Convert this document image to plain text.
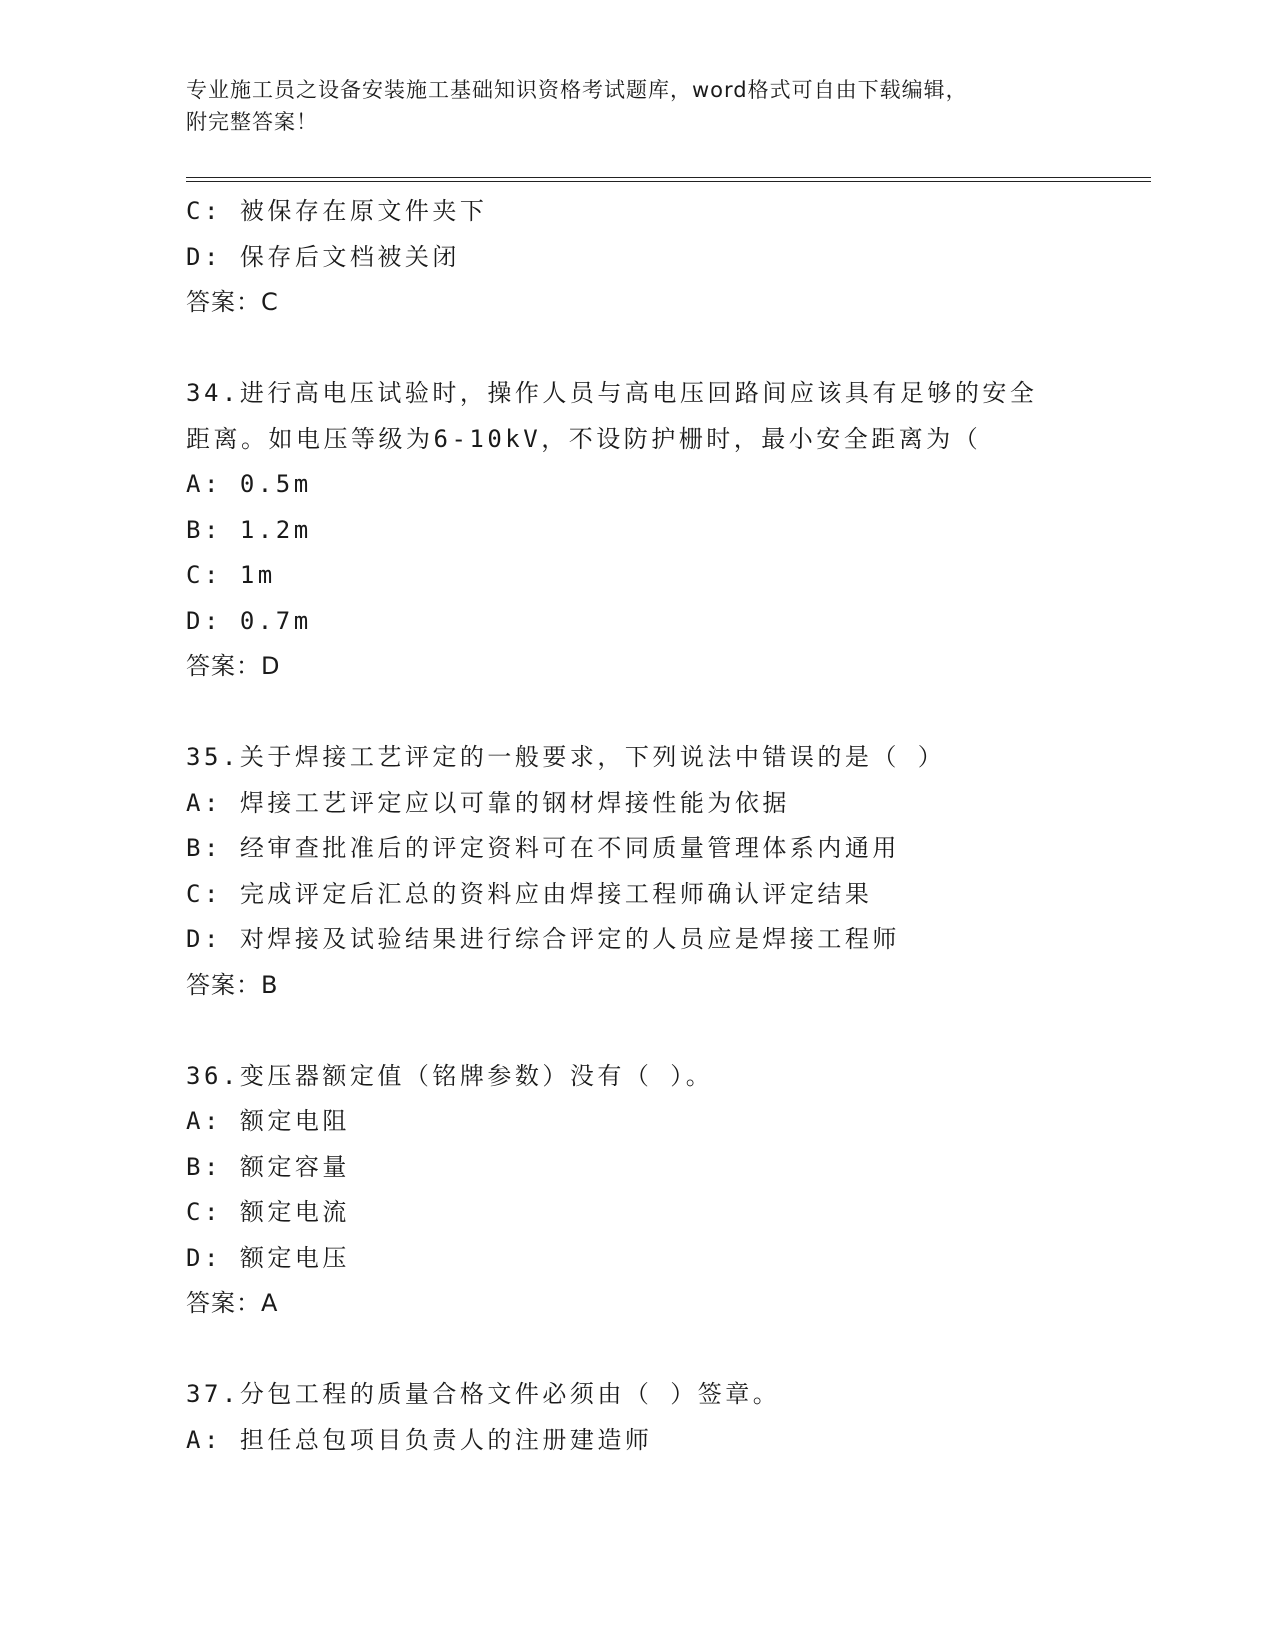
专业施工员之设备安装施工基础知识资格考试题库，word格式可自由下载编辑，
附完整答案！
C: 被保存在原文件夹下
D: 保存后文档被关闭
答案：C
34.进行高电压试验时，操作人员与高电压回路间应该具有足够的安全
距离。如电压等级为6-10kV，不设防护栅时，最小安全距离为（
A: 0.5m
B: 1.2m
C: 1m
D: 0.7m
答案：D
35.关于焊接工艺评定的一般要求，下列说法中错误的是（ ）
A: 焊接工艺评定应以可靠的钢材焊接性能为依据
B: 经审查批准后的评定资料可在不同质量管理体系内通用
C: 完成评定后汇总的资料应由焊接工程师确认评定结果
D: 对焊接及试验结果进行综合评定的人员应是焊接工程师
答案：B
36.变压器额定值（铭牌参数）没有（ ）。
A: 额定电阻
B: 额定容量
C: 额定电流
D: 额定电压
答案：A
37.分包工程的质量合格文件必须由（ ）签章。
A: 担任总包项目负责人的注册建造师
